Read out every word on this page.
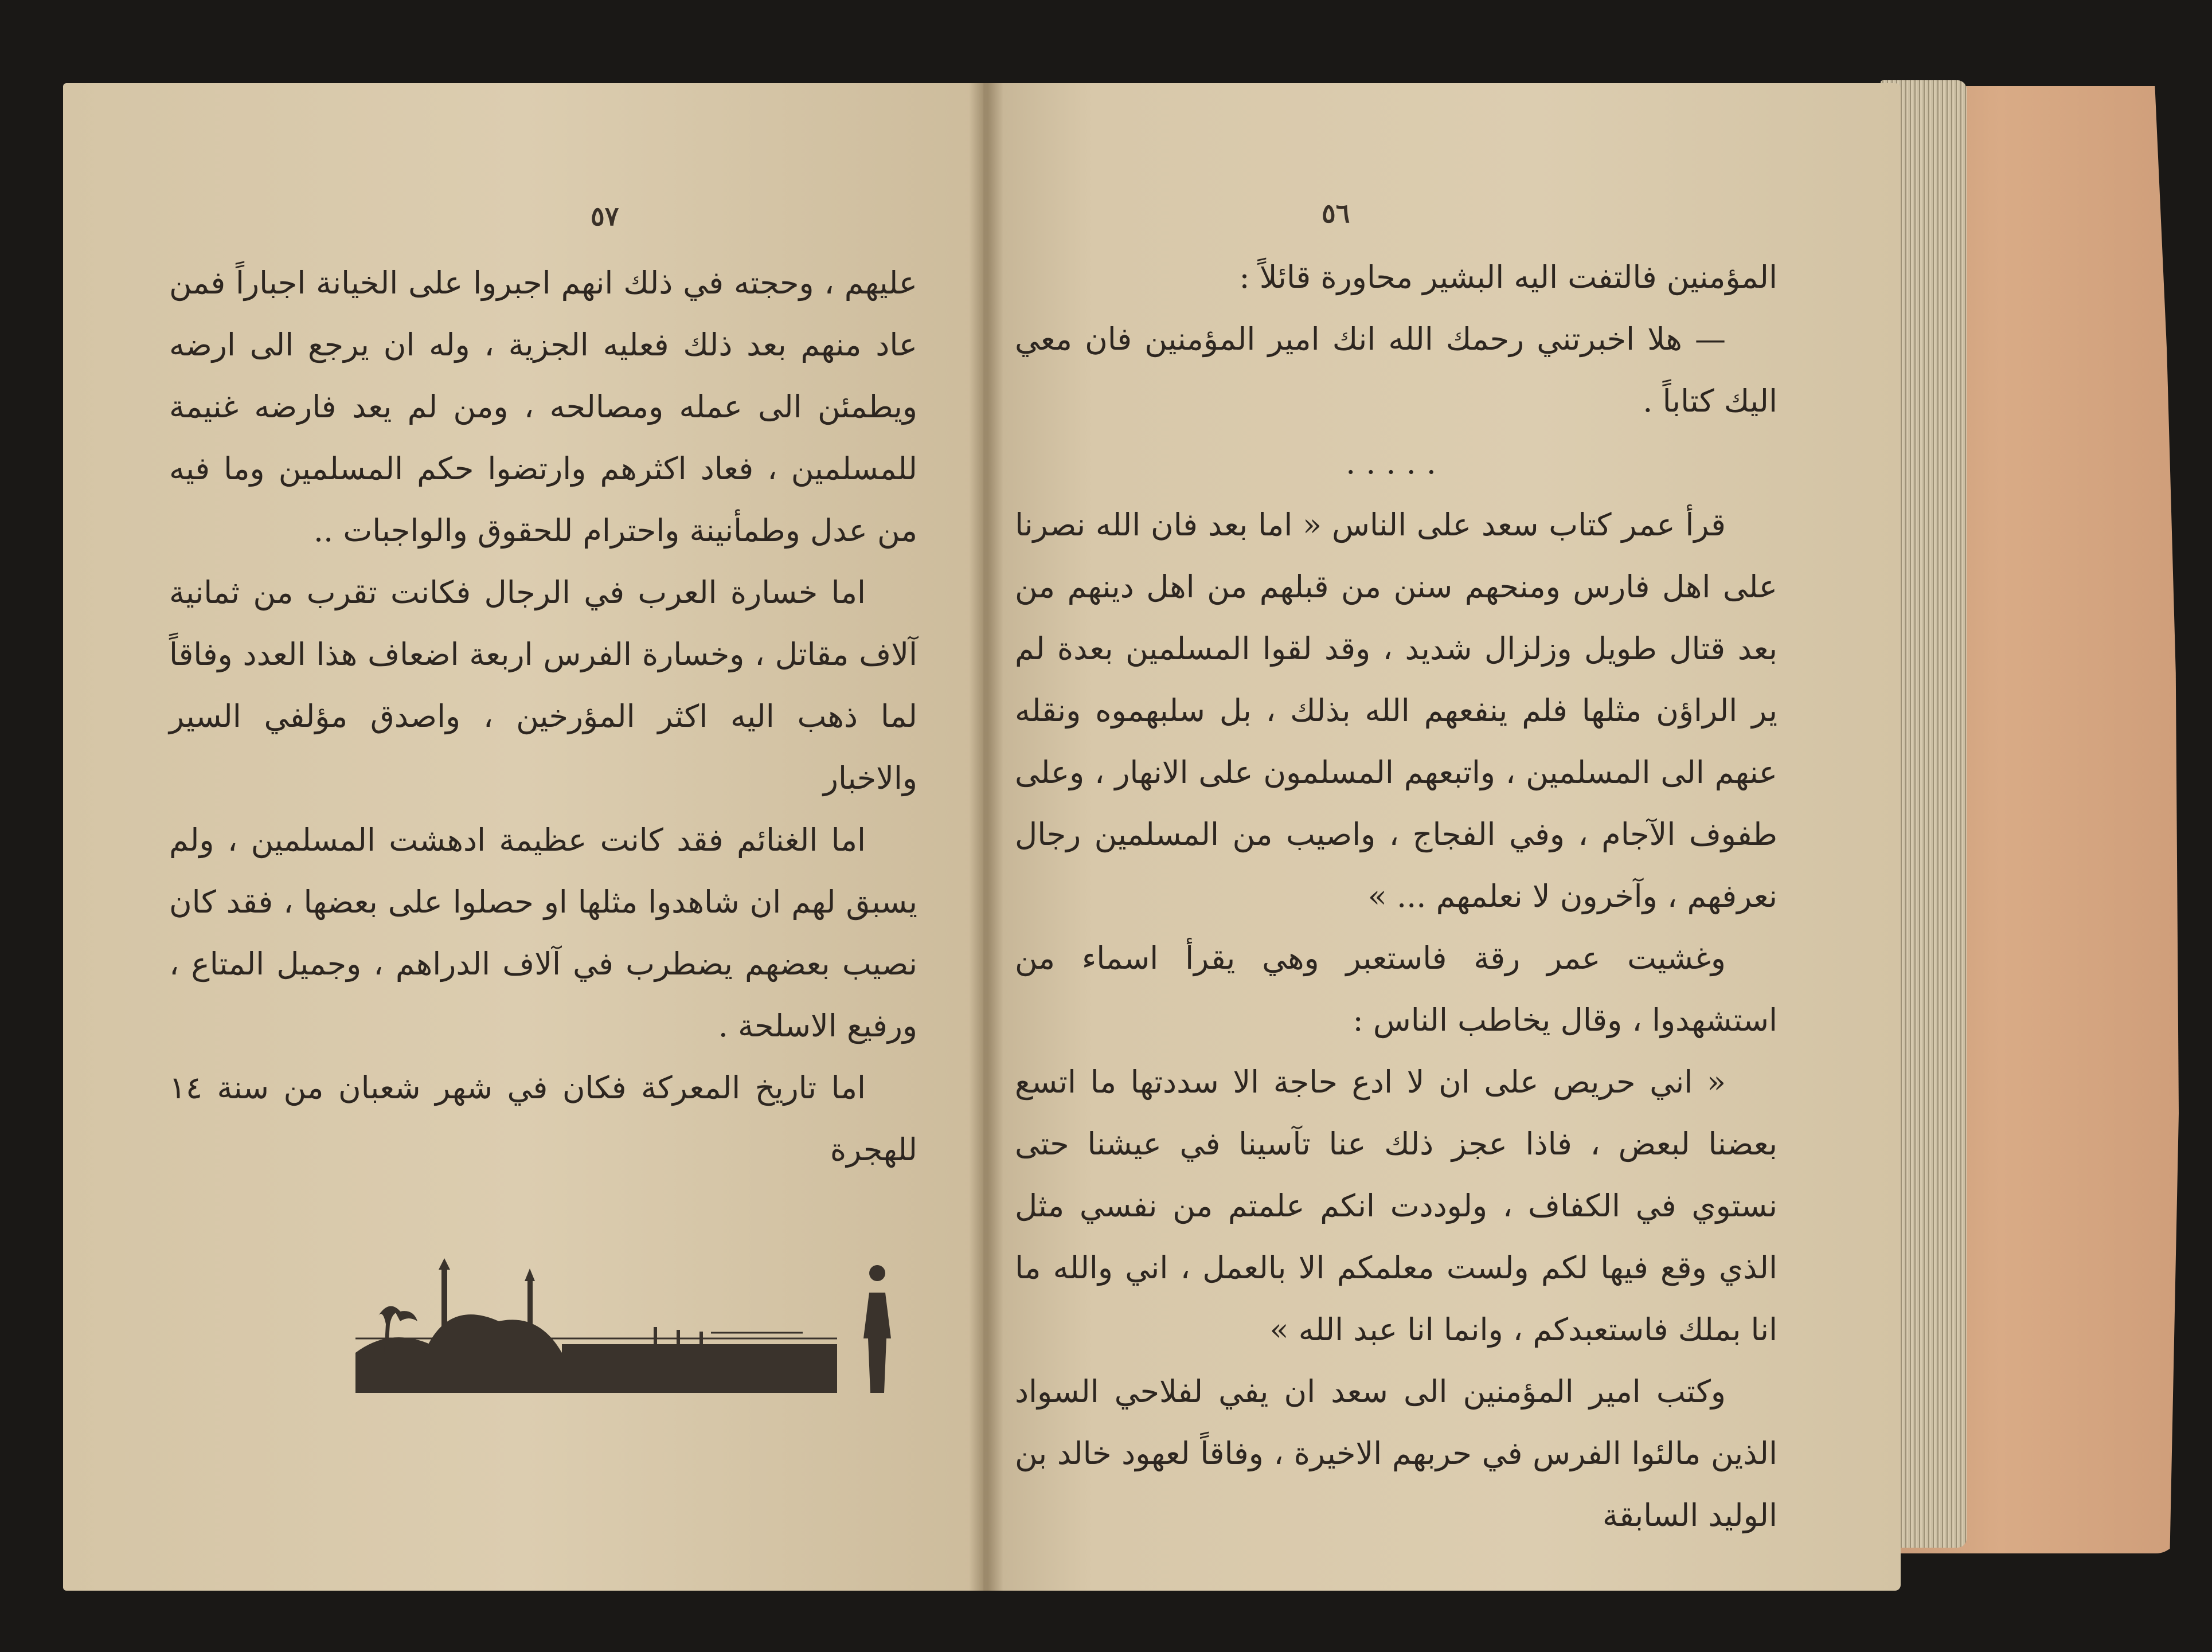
٥٧

عليهم ، وحجته في ذلك انهم اجبروا على الخيانة اجباراً فمن عاد منهم بعد ذلك فعليه الجزية ، وله ان يرجع الى ارضه ويطمئن الى عمله ومصالحه ، ومن لم يعد فارضه غنيمة للمسلمين ، فعاد اكثرهم وارتضوا حكم المسلمين وما فيه من عدل وطمأنينة واحترام للحقوق والواجبات ..

اما خسارة العرب في الرجال فكانت تقرب من ثمانية آلاف مقاتل ، وخسارة الفرس اربعة اضعاف هذا العدد وفاقاً لما ذهب اليه اكثر المؤرخين ، واصدق مؤلفي السير والاخبار

اما الغنائم فقد كانت عظيمة ادهشت المسلمين ، ولم يسبق لهم ان شاهدوا مثلها او حصلوا على بعضها ، فقد كان نصيب بعضهم يضطرب في آلاف الدراهم ، وجميل المتاع ، ورفيع الاسلحة .

اما تاريخ المعركة فكان في شهر شعبان من سنة ١٤ للهجرة

٥٦

المؤمنين فالتفت اليه البشير محاورة قائلاً :

— هلا اخبرتني رحمك الله انك امير المؤمنين فان معي اليك كتاباً .

.....

قرأ عمر كتاب سعد على الناس « اما بعد فان الله نصرنا على اهل فارس ومنحهم سنن من قبلهم من اهل دينهم من بعد قتال طويل وزلزال شديد ، وقد لقوا المسلمين بعدة لم ير الراؤن مثلها فلم ينفعهم الله بذلك ، بل سلبهموه ونقله عنهم الى المسلمين ، واتبعهم المسلمون على الانهار ، وعلى طفوف الآجام ، وفي الفجاج ، واصيب من المسلمين رجال نعرفهم ، وآخرون لا نعلمهم ... »

وغشيت عمر رقة فاستعبر وهي يقرأ اسماء من استشهدوا ، وقال يخاطب الناس :

« اني حريص على ان لا ادع حاجة الا سددتها ما اتسع بعضنا لبعض ، فاذا عجز ذلك عنا تآسينا في عيشنا حتى نستوي في الكفاف ، ولوددت انكم علمتم من نفسي مثل الذي وقع فيها لكم ولست معلمكم الا بالعمل ، اني والله ما انا بملك فاستعبدكم ، وانما انا عبد الله »

وكتب امير المؤمنين الى سعد ان يفي لفلاحي السواد الذين مالئوا الفرس في حربهم الاخيرة ، وفاقاً لعهود خالد بن الوليد السابقة
